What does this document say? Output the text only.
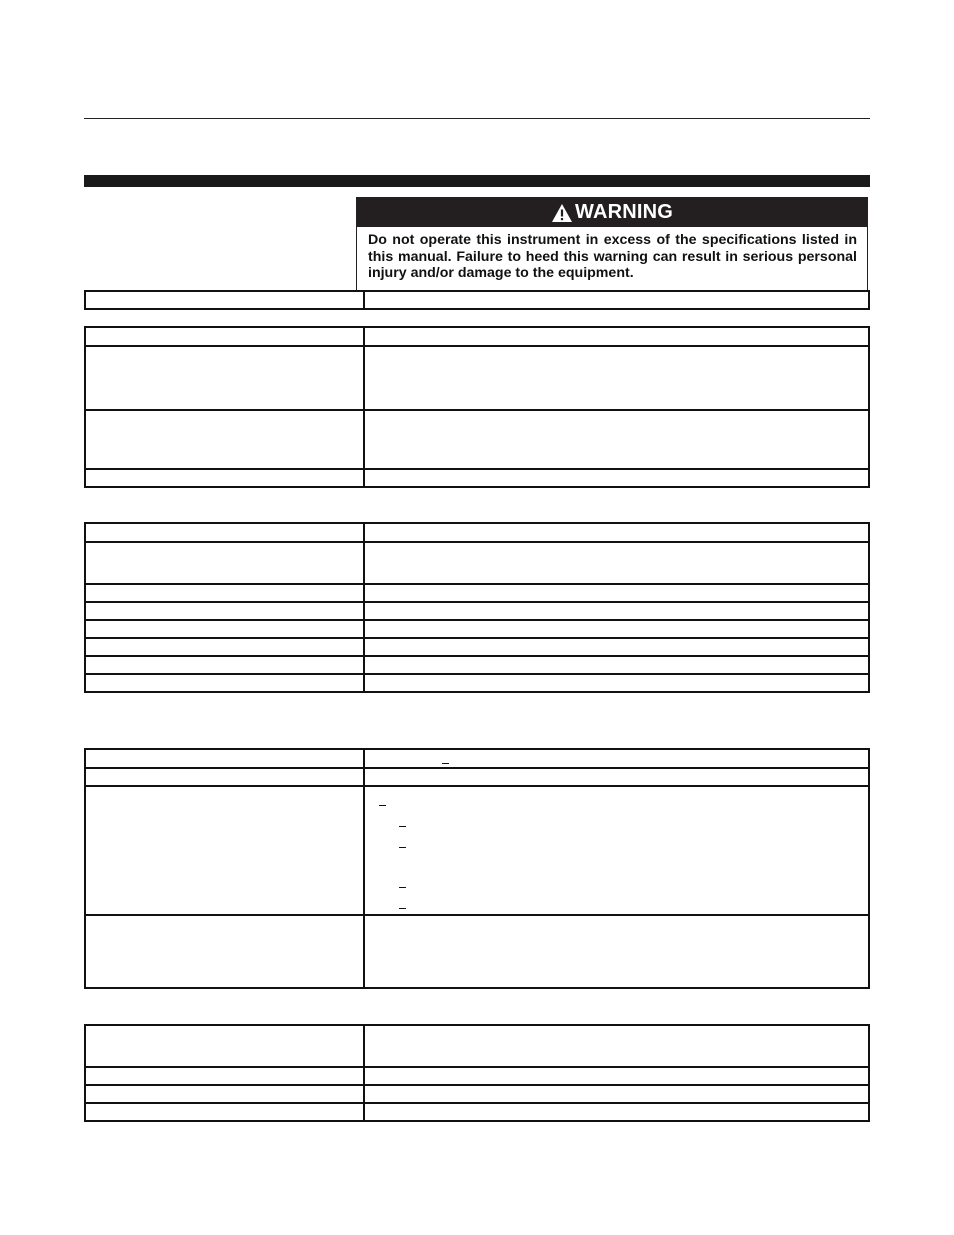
WARNING
Do not operate this instrument in excess of the specifications listed in this manual. Failure to heed this warning can result in serious personal injury and/or damage to the equipment.
